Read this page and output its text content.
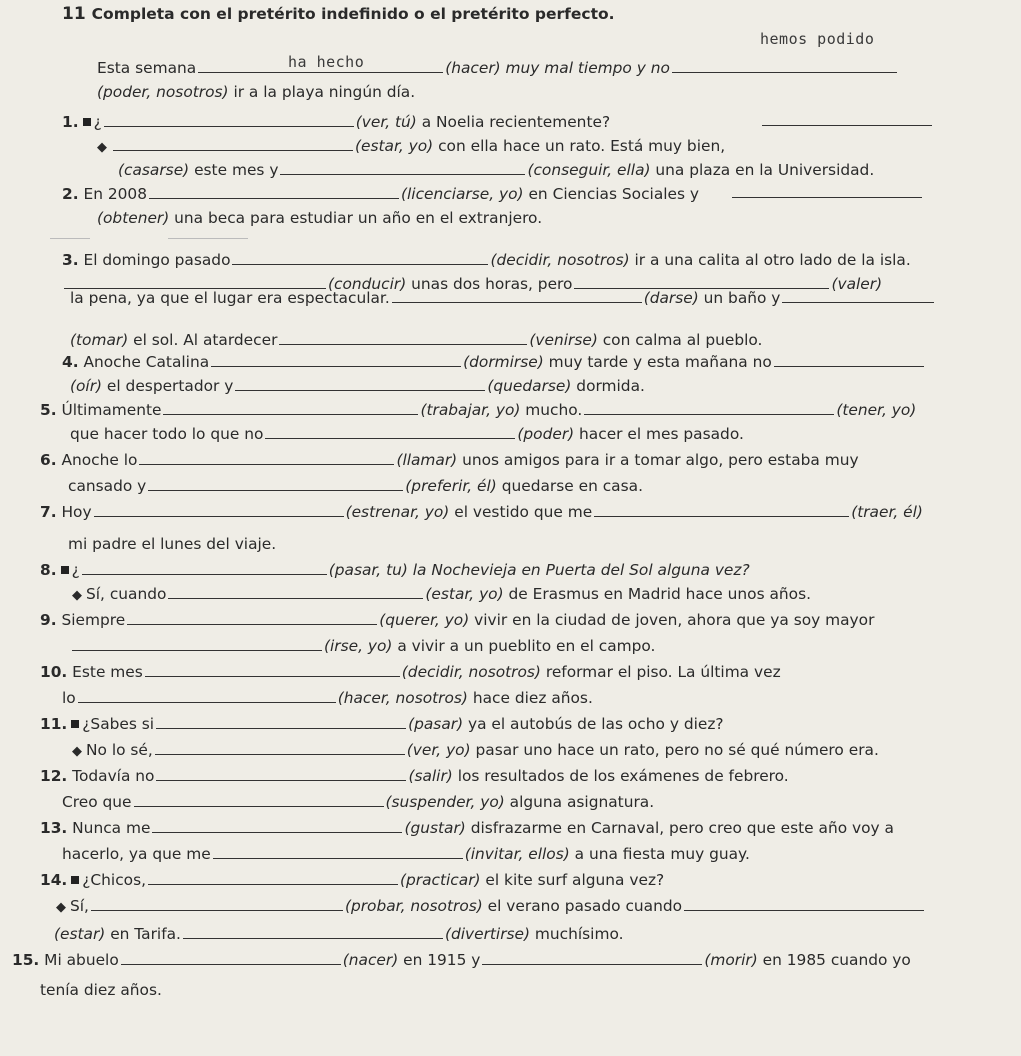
11 Completa con el pretérito indefinido o el pretérito perfecto.
ha hecho
hemos podido
Esta semana	(hacer) muy mal tiempo y no
(poder, nosotros) ir a la playa ningún día.
1. ¿	(ver, tú) a Noelia recientemente?
◆	(estar, yo) con ella hace un rato. Está muy bien,
(casarse) este mes y	(conseguir, ella) una plaza en la Universidad.
2. En 2008	(licenciarse, yo) en Ciencias Sociales y
(obtener) una beca para estudiar un año en el extranjero.
3. El domingo pasado	(decidir, nosotros) ir a una calita al otro lado de la isla.
(conducir) unas dos horas, pero	(valer)
la pena, ya que el lugar era espectacular.	(darse) un baño y
(tomar) el sol. Al atardecer	(venirse) con calma al pueblo.
4. Anoche Catalina	(dormirse) muy tarde y esta mañana no
(oír) el despertador y	(quedarse) dormida.
5. Últimamente	(trabajar, yo) mucho.	(tener, yo)
que hacer todo lo que no	(poder) hacer el mes pasado.
6. Anoche lo	(llamar) unos amigos para ir a tomar algo, pero estaba muy
cansado y	(preferir, él) quedarse en casa.
7. Hoy	(estrenar, yo) el vestido que me	(traer, él)
mi padre el lunes del viaje.
8. ¿	(pasar, tu) la Nochevieja en Puerta del Sol alguna vez?
◆ Sí, cuando	(estar, yo) de Erasmus en Madrid hace unos años.
9. Siempre	(querer, yo) vivir en la ciudad de joven, ahora que ya soy mayor
(irse, yo) a vivir a un pueblito en el campo.
10. Este mes	(decidir, nosotros) reformar el piso. La última vez
lo	(hacer, nosotros) hace diez años.
11. ¿Sabes si	(pasar) ya el autobús de las ocho y diez?
◆ No lo sé,	(ver, yo) pasar uno hace un rato, pero no sé qué número era.
12. Todavía no	(salir) los resultados de los exámenes de febrero.
Creo que	(suspender, yo) alguna asignatura.
13. Nunca me	(gustar) disfrazarme en Carnaval, pero creo que este año voy a
hacerlo, ya que me	(invitar, ellos) a una fiesta muy guay.
14. ¿Chicos,	(practicar) el kite surf alguna vez?
◆ Sí,	(probar, nosotros) el verano pasado cuando
(estar) en Tarifa.	(divertirse) muchísimo.
15. Mi abuelo	(nacer) en 1915 y	(morir) en 1985 cuando yo
tenía diez años.
